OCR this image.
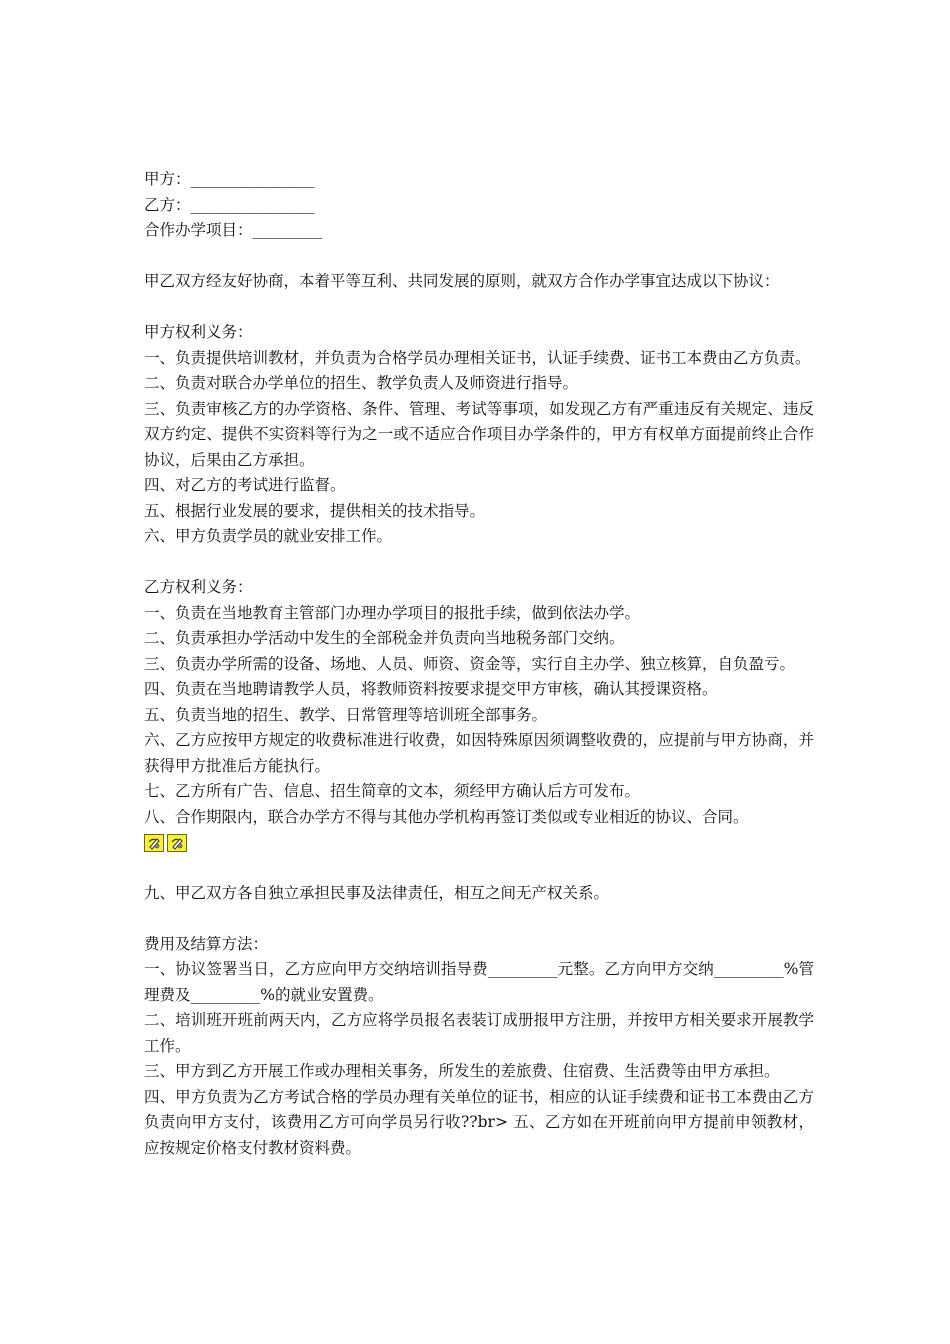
甲方：________________
乙方：________________
合作办学项目：_________
甲乙双方经友好协商，本着平等互利、共同发展的原则，就双方合作办学事宜达成以下协议：
甲方权利义务：
一、负责提供培训教材，并负责为合格学员办理相关证书，认证手续费、证书工本费由乙方负责。
二、负责对联合办学单位的招生、教学负责人及师资进行指导。
三、负责审核乙方的办学资格、条件、管理、考试等事项，如发现乙方有严重违反有关规定、违反双方约定、提供不实资料等行为之一或不适应合作项目办学条件的，甲方有权单方面提前终止合作协议，后果由乙方承担。
四、对乙方的考试进行监督。
五、根据行业发展的要求，提供相关的技术指导。
六、甲方负责学员的就业安排工作。
乙方权利义务：
一、负责在当地教育主管部门办理办学项目的报批手续，做到依法办学。
二、负责承担办学活动中发生的全部税金并负责向当地税务部门交纳。
三、负责办学所需的设备、场地、人员、师资、资金等，实行自主办学、独立核算，自负盈亏。
四、负责在当地聘请教学人员，将教师资料按要求提交甲方审核，确认其授课资格。
五、负责当地的招生、教学、日常管理等培训班全部事务。
六、乙方应按甲方规定的收费标准进行收费，如因特殊原因须调整收费的，应提前与甲方协商，并获得甲方批准后方能执行。
七、乙方所有广告、信息、招生简章的文本，须经甲方确认后方可发布。
八、合作期限内，联合办学方不得与其他办学机构再签订类似或专业相近的协议、合同。
九、甲乙双方各自独立承担民事及法律责任，相互之间无产权关系。
费用及结算方法：
一、协议签署当日，乙方应向甲方交纳培训指导费_________元整。乙方向甲方交纳_________%管理费及_________%的就业安置费。
二、培训班开班前两天内，乙方应将学员报名表装订成册报甲方注册，并按甲方相关要求开展教学工作。
三、甲方到乙方开展工作或办理相关事务，所发生的差旅费、住宿费、生活费等由甲方承担。
四、甲方负责为乙方考试合格的学员办理有关单位的证书，相应的认证手续费和证书工本费由乙方负责向甲方支付，该费用乙方可向学员另行收??br> 五、乙方如在开班前向甲方提前申领教材，应按规定价格支付教材资料费。
